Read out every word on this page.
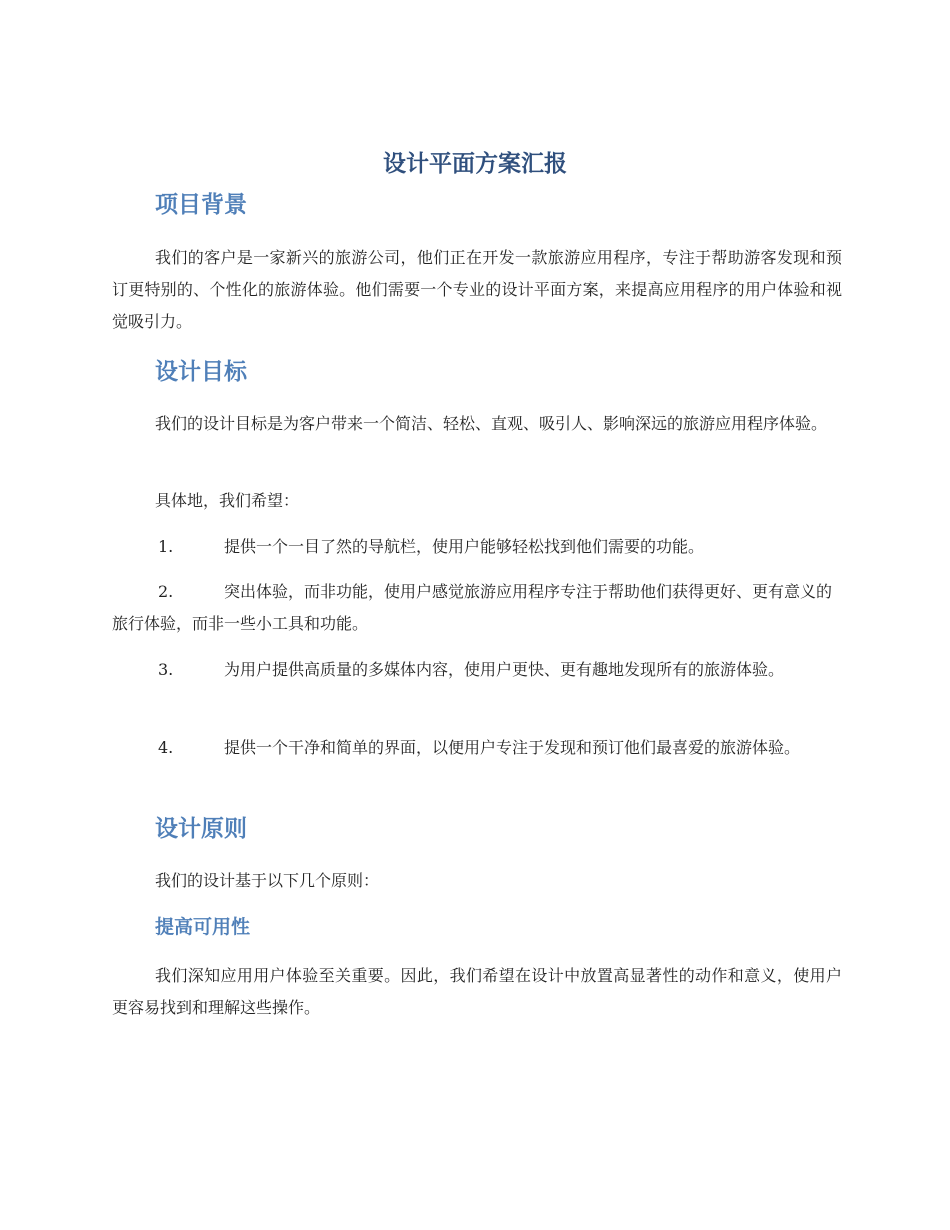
设计平面方案汇报
项目背景

我们的客户是一家新兴的旅游公司，他们正在开发一款旅游应用程序，专注于帮助游客发现和预订更特别的、个性化的旅游体验。他们需要一个专业的设计平面方案，来提高应用程序的用户体验和视觉吸引力。

设计目标

我们的设计目标是为客户带来一个简洁、轻松、直观、吸引人、影响深远的旅游应用程序体验。

具体地，我们希望：

1.	提供一个一目了然的导航栏，使用户能够轻松找到他们需要的功能。

2.	突出体验，而非功能，使用户感觉旅游应用程序专注于帮助他们获得更好、更有意义的旅行体验，而非一些小工具和功能。

3.	为用户提供高质量的多媒体内容，使用户更快、更有趣地发现所有的旅游体验。

4.	提供一个干净和简单的界面，以便用户专注于发现和预订他们最喜爱的旅游体验。

设计原则

我们的设计基于以下几个原则：

提高可用性

我们深知应用用户体验至关重要。因此，我们希望在设计中放置高显著性的动作和意义，使用户更容易找到和理解这些操作。
